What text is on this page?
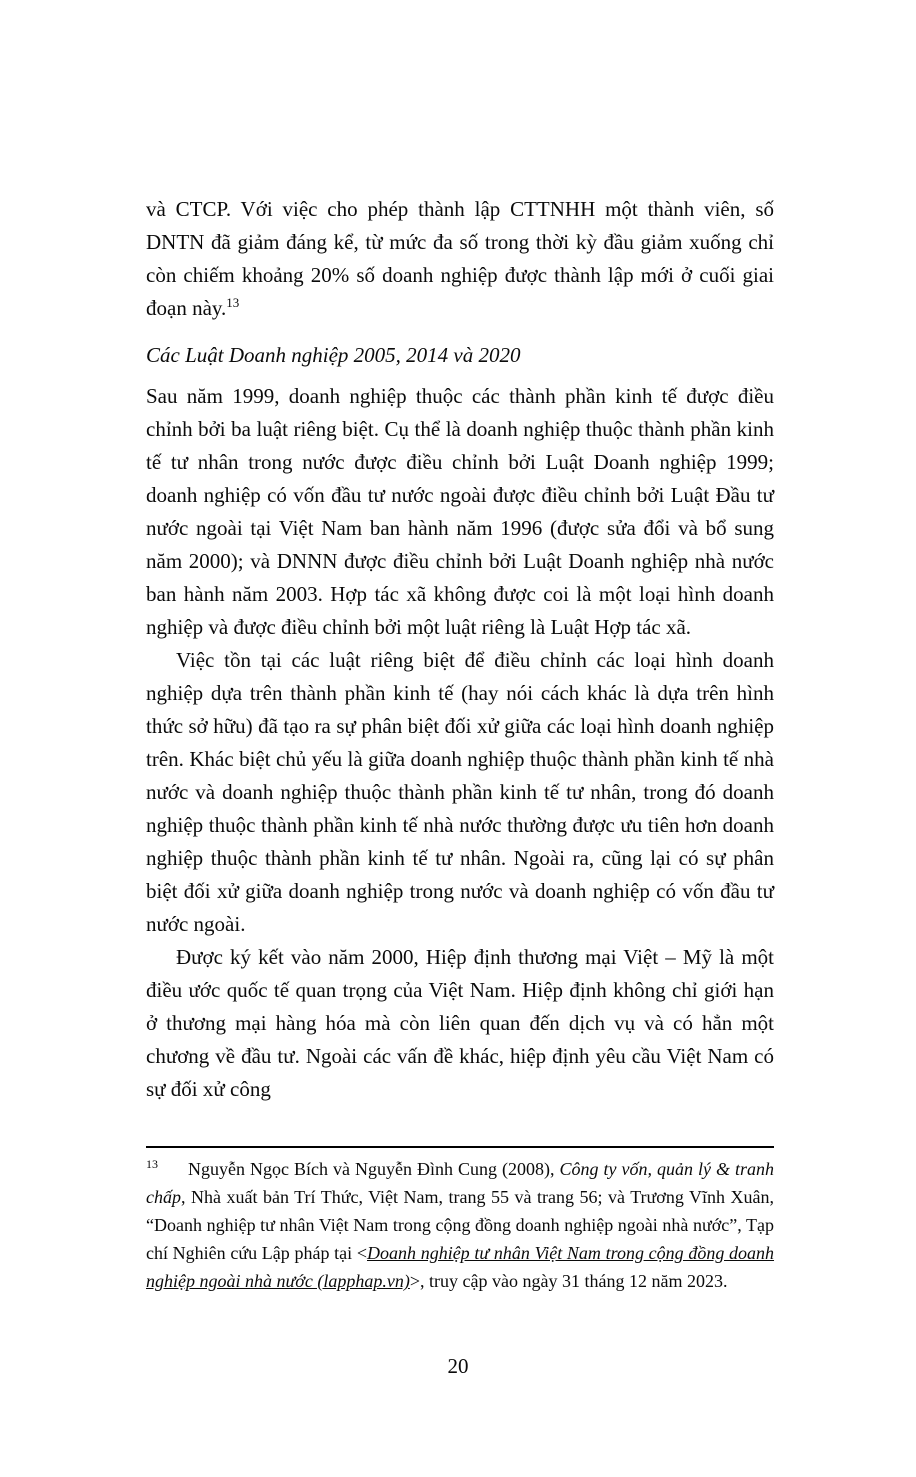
và CTCP. Với việc cho phép thành lập CTTNHH một thành viên, số DNTN đã giảm đáng kể, từ mức đa số trong thời kỳ đầu giảm xuống chỉ còn chiếm khoảng 20% số doanh nghiệp được thành lập mới ở cuối giai đoạn này.$^{13}$

Các Luật Doanh nghiệp 2005, 2014 và 2020

Sau năm 1999, doanh nghiệp thuộc các thành phần kinh tế được điều chỉnh bởi ba luật riêng biệt. Cụ thể là doanh nghiệp thuộc thành phần kinh tế tư nhân trong nước được điều chỉnh bởi Luật Doanh nghiệp 1999; doanh nghiệp có vốn đầu tư nước ngoài được điều chỉnh bởi Luật Đầu tư nước ngoài tại Việt Nam ban hành năm 1996 (được sửa đổi và bổ sung năm 2000); và DNNN được điều chỉnh bởi Luật Doanh nghiệp nhà nước ban hành năm 2003. Hợp tác xã không được coi là một loại hình doanh nghiệp và được điều chỉnh bởi một luật riêng là Luật Hợp tác xã.

Việc tồn tại các luật riêng biệt để điều chỉnh các loại hình doanh nghiệp dựa trên thành phần kinh tế (hay nói cách khác là dựa trên hình thức sở hữu) đã tạo ra sự phân biệt đối xử giữa các loại hình doanh nghiệp trên. Khác biệt chủ yếu là giữa doanh nghiệp thuộc thành phần kinh tế nhà nước và doanh nghiệp thuộc thành phần kinh tế tư nhân, trong đó doanh nghiệp thuộc thành phần kinh tế nhà nước thường được ưu tiên hơn doanh nghiệp thuộc thành phần kinh tế tư nhân. Ngoài ra, cũng lại có sự phân biệt đối xử giữa doanh nghiệp trong nước và doanh nghiệp có vốn đầu tư nước ngoài.

Được ký kết vào năm 2000, Hiệp định thương mại Việt – Mỹ là một điều ước quốc tế quan trọng của Việt Nam. Hiệp định không chỉ giới hạn ở thương mại hàng hóa mà còn liên quan đến dịch vụ và có hẳn một chương về đầu tư. Ngoài các vấn đề khác, hiệp định yêu cầu Việt Nam có sự đối xử công

$^{13}$ Nguyễn Ngọc Bích và Nguyễn Đình Cung (2008), Công ty vốn, quản lý & tranh chấp, Nhà xuất bản Trí Thức, Việt Nam, trang 55 và trang 56; và Trương Vĩnh Xuân, “Doanh nghiệp tư nhân Việt Nam trong cộng đồng doanh nghiệp ngoài nhà nước”, Tạp chí Nghiên cứu Lập pháp tại <Doanh nghiệp tư nhân Việt Nam trong cộng đồng doanh nghiệp ngoài nhà nước (lapphap.vn)>, truy cập vào ngày 31 tháng 12 năm 2023.

20
